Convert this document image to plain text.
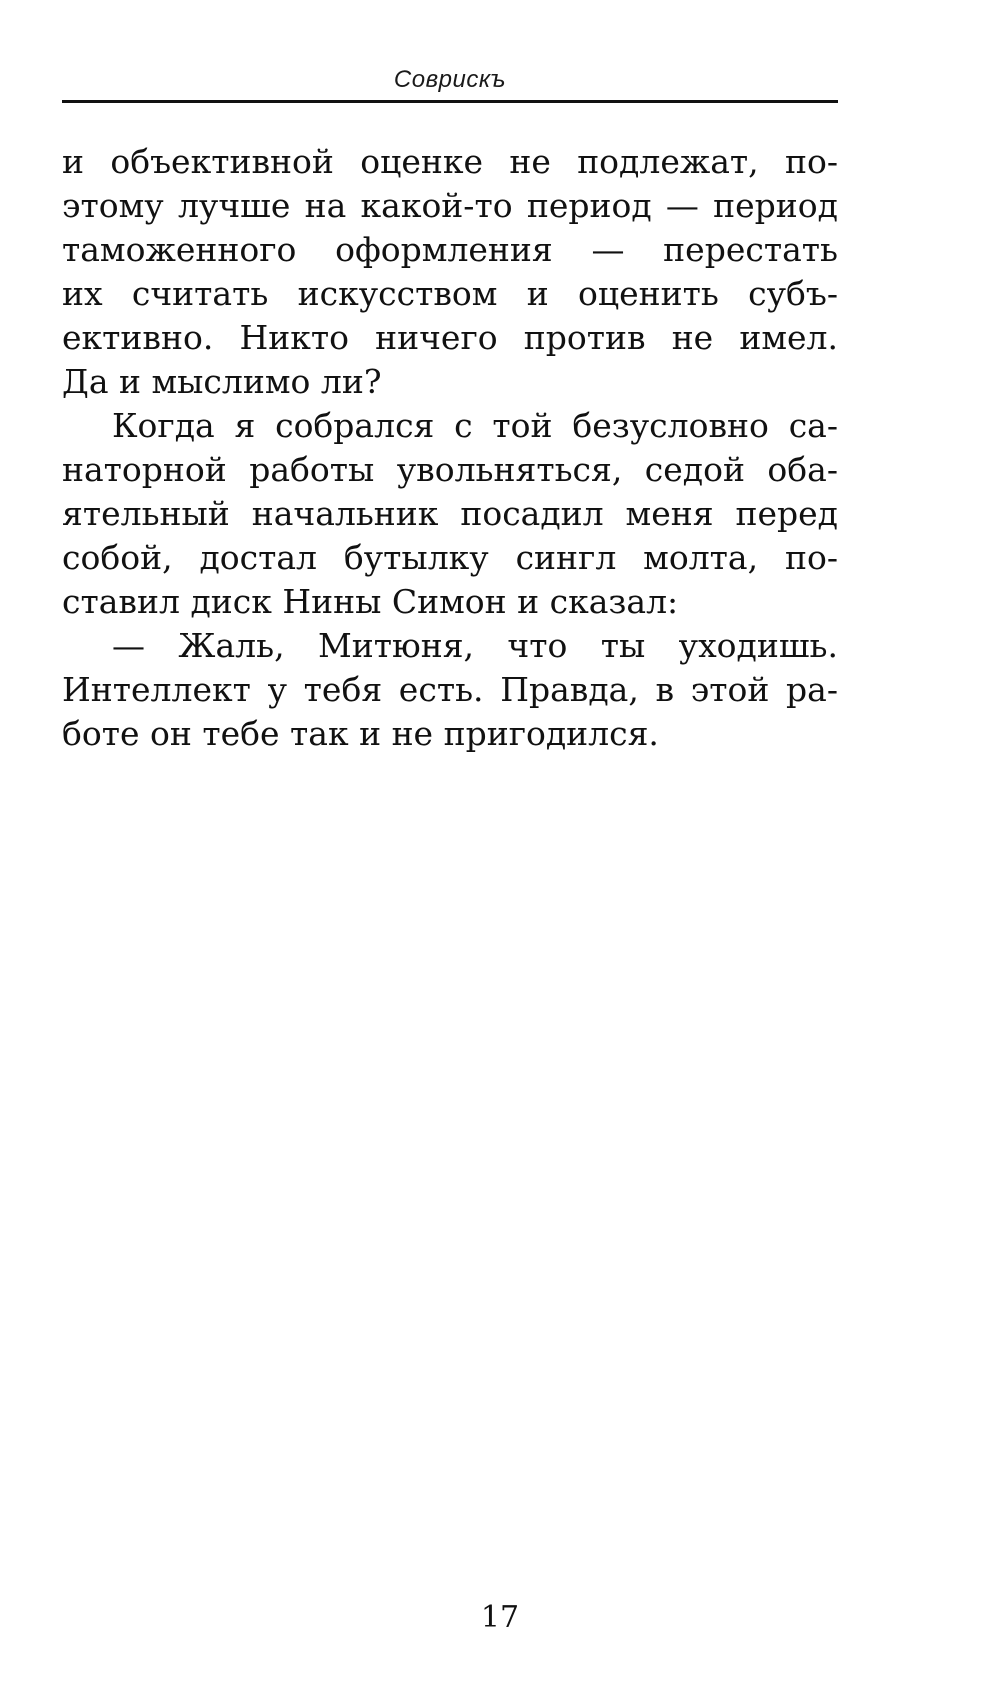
Соврискъ
и объективной оценке не подлежат, по-
этому лучше на какой-то период — период
таможенного оформления — перестать
их считать искусством и оценить субъ-
ективно. Никто ничего против не имел.
Да и мыслимо ли?
Когда я собрался с той безусловно са-
наторной работы увольняться, седой оба-
ятельный начальник посадил меня перед
собой, достал бутылку сингл молта, по-
ставил диск Нины Симон и сказал:
— Жаль, Митюня, что ты уходишь.
Интеллект у тебя есть. Правда, в этой ра-
боте он тебе так и не пригодился.
17
